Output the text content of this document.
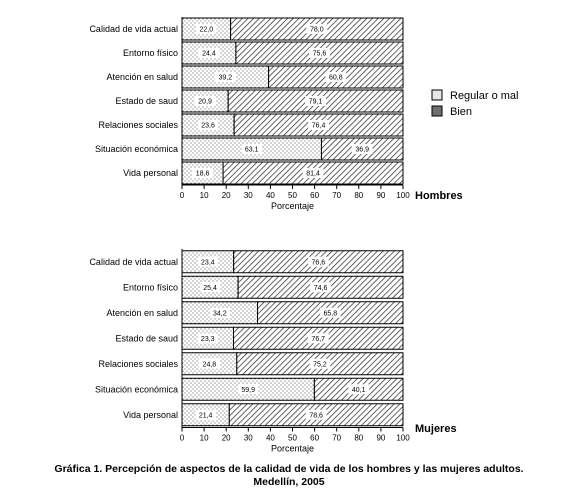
Calidad de vida actual	22,0	78,0
Entorno físico	24,4	75,6
Atención en salud	39,2	60,8
Estado de saud	20,9	79,1
Relaciones sociales	23,6	76,4
Situación económica	63,1	36,9
Vida personal	18,6	81,4
0 10 20 30 40 50 60 70 80 90 100
Porcentaje
Calidad de vida actual	23,4	76,6
Entorno físico	25,4	74,6
Atención en salud	34,2	65,8
Estado de saud	23,3	76,7
Relaciones sociales	24,8	75,2
Situación económica	59,9	40,1
Vida personal	21,4	78,6
0 10 20 30 40 50 60 70 80 90 100
Porcentaje
Hombres
Mujeres
Regular o mal
Bien
Gráfica 1. Percepción de aspectos de la calidad de vida de los hombres y las mujeres adultos.
Medellín, 2005
